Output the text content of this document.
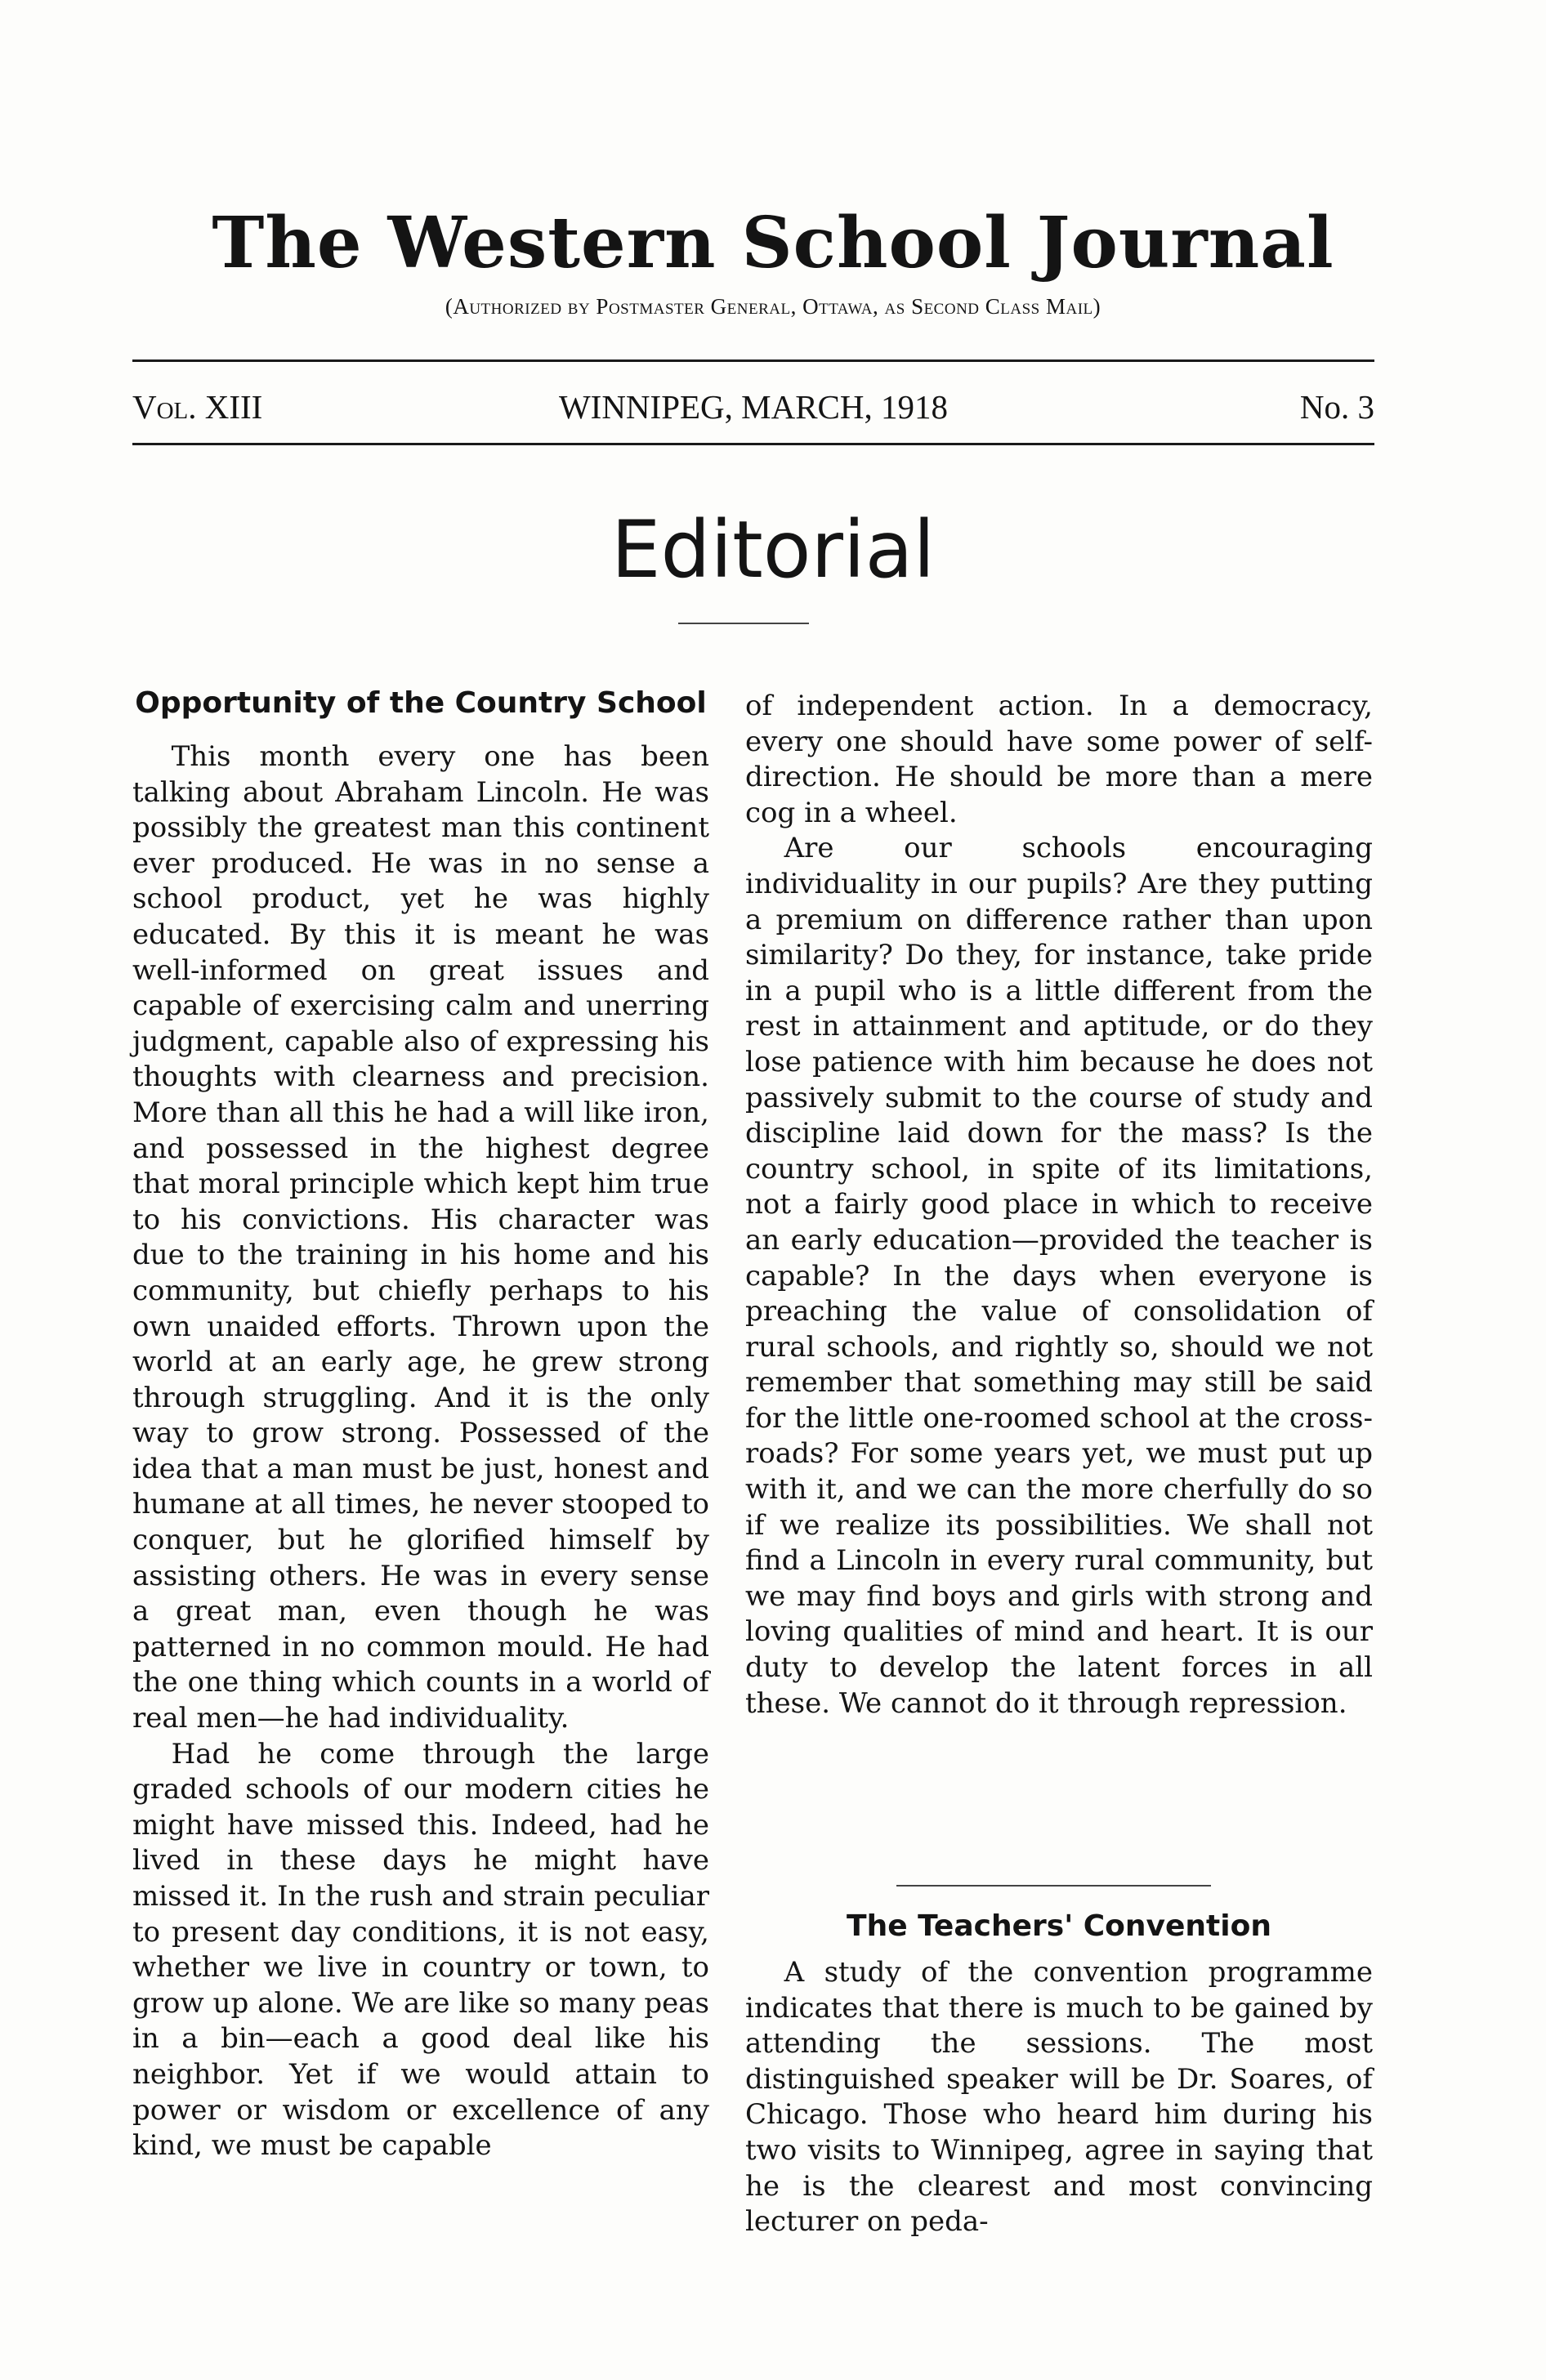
The Western School Journal
(Authorized by Postmaster General, Ottawa, as Second Class Mail)
WINNIPEG, MARCH, 1918
Vol. XIII	No. 3
Editorial
Opportunity of the Country School

This month every one has been talking about Abraham Lincoln. He was possibly the greatest man this continent ever produced. He was in no sense a school product, yet he was highly educated. By this it is meant he was well-informed on great issues and capable of exercising calm and unerring judgment, capable also of expressing his thoughts with clearness and precision. More than all this he had a will like iron, and possessed in the highest degree that moral principle which kept him true to his convictions. His character was due to the training in his home and his community, but chiefly perhaps to his own unaided efforts. Thrown upon the world at an early age, he grew strong through struggling. And it is the only way to grow strong. Possessed of the idea that a man must be just, honest and humane at all times, he never stooped to conquer, but he glorified himself by assisting others. He was in every sense a great man, even though he was patterned in no common mould. He had the one thing which counts in a world of real men—he had individuality.

Had he come through the large graded schools of our modern cities he might have missed this. Indeed, had he lived in these days he might have missed it. In the rush and strain peculiar to present day conditions, it is not easy, whether we live in country or town, to grow up alone. We are like so many peas in a bin—each a good deal like his neighbor. Yet if we would attain to power or wisdom or excellence of any kind, we must be capable

of independent action. In a democracy, every one should have some power of self-direction. He should be more than a mere cog in a wheel.

Are our schools encouraging individuality in our pupils? Are they putting a premium on difference rather than upon similarity? Do they, for instance, take pride in a pupil who is a little different from the rest in attainment and aptitude, or do they lose patience with him because he does not passively submit to the course of study and discipline laid down for the mass? Is the country school, in spite of its limitations, not a fairly good place in which to receive an early education—provided the teacher is capable? In the days when everyone is preaching the value of consolidation of rural schools, and rightly so, should we not remember that something may still be said for the little one-roomed school at the cross-roads? For some years yet, we must put up with it, and we can the more cherfully do so if we realize its possibilities. We shall not find a Lincoln in every rural community, but we may find boys and girls with strong and loving qualities of mind and heart. It is our duty to develop the latent forces in all these. We cannot do it through repression.

The Teachers' Convention

A study of the convention programme indicates that there is much to be gained by attending the sessions. The most distinguished speaker will be Dr. Soares, of Chicago. Those who heard him during his two visits to Winnipeg, agree in saying that he is the clearest and most convincing lecturer on peda-
